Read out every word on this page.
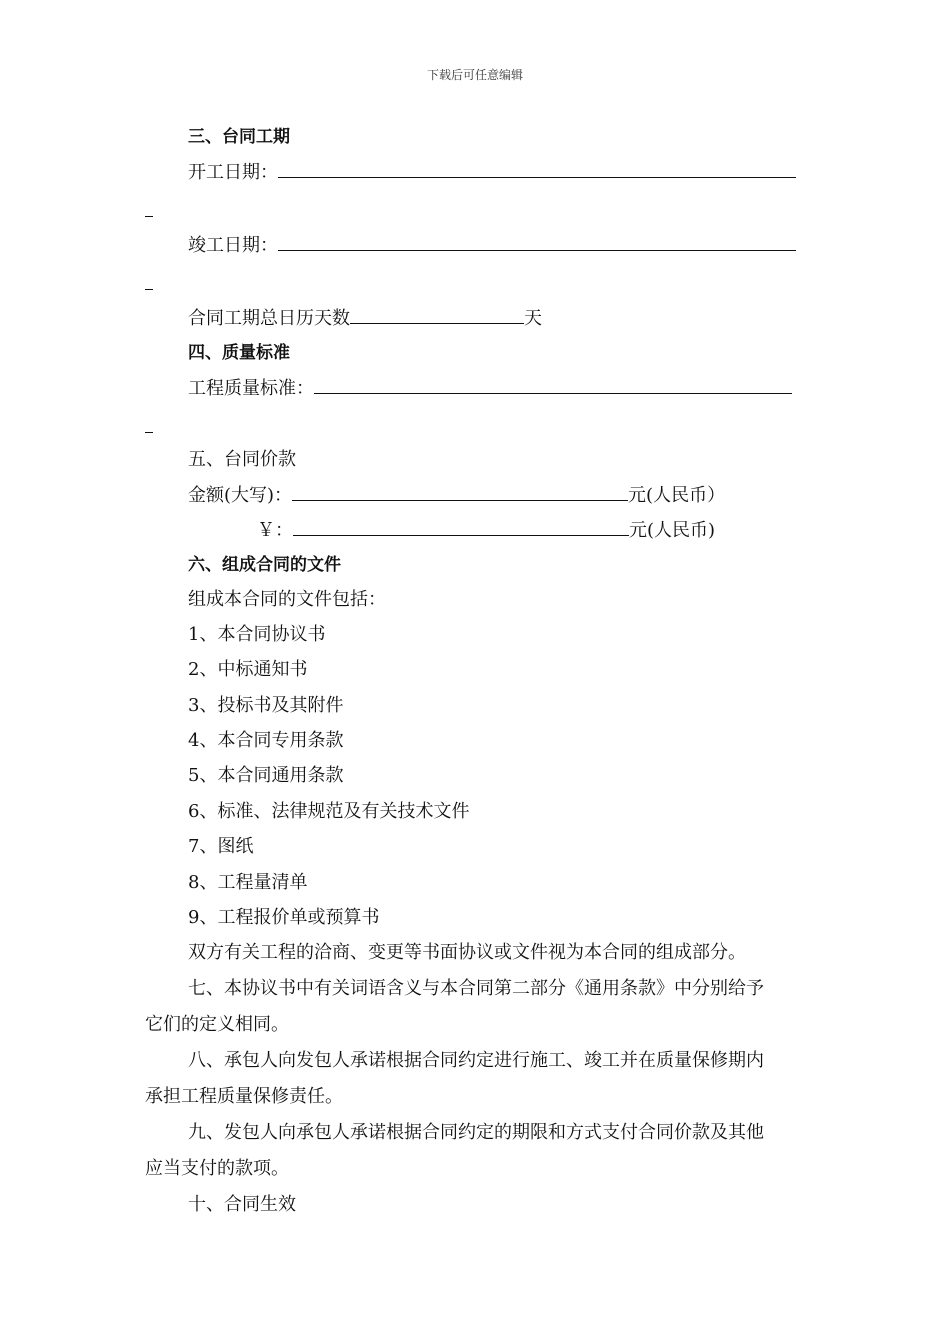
下载后可任意编辑
三、台同工期
开工日期：
竣工日期：
合同工期总日历天数	天
四、质量标准
工程质量标准：
五、台同价款
金额(大写)：	元(人民币）
￥：	元(人民币)
六、组成合同的文件
组成本合同的文件包括：
1、本合同协议书
2、中标通知书
3、投标书及其附件
4、本合同专用条款
5、本合同通用条款
6、标准、法律规范及有关技术文件
7、图纸
8、工程量清单
9、工程报价单或预算书
双方有关工程的洽商、变更等书面协议或文件视为本合同的组成部分。
七、本协议书中有关词语含义与本合同第二部分《通用条款》中分别给予
它们的定义相同。
八、承包人向发包人承诺根据合同约定进行施工、竣工并在质量保修期内
承担工程质量保修责任。
九、发包人向承包人承诺根据合同约定的期限和方式支付合同价款及其他
应当支付的款项。
十、合同生效
